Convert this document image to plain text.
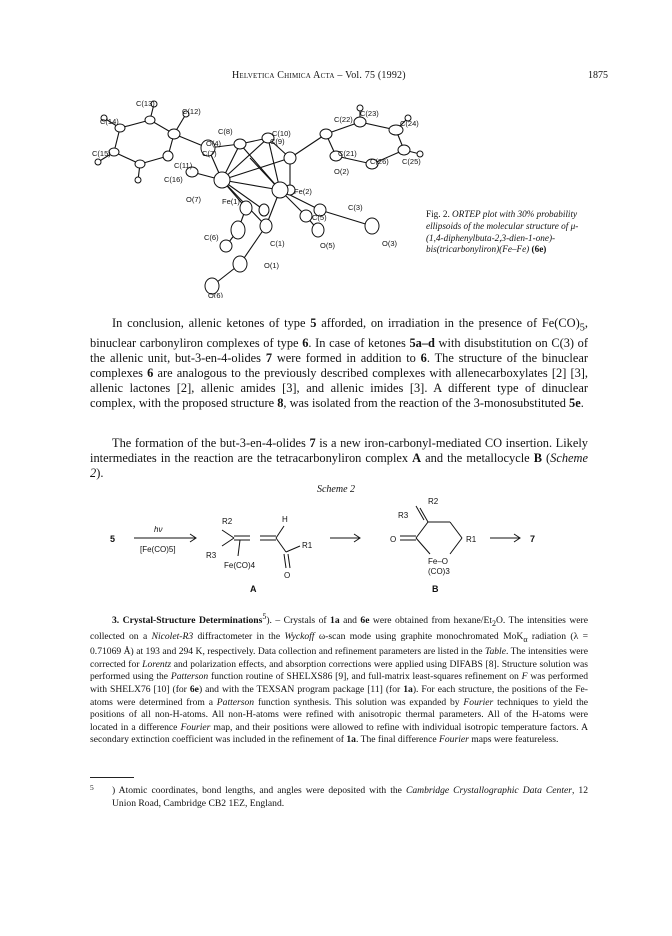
Helvetica Chimica Acta – Vol. 75 (1992)	1875
C(13)
C(12)
C(14)
C(8)
O(4)	C(9)
C(10)
C(22)
C(23)
C(24)
C(15)	C(7)
C(11)
C(21)
C(26) C(25)
O(2)
C(16)
O(7)	Fe(1)
Fe(2)
C(3)
C(5)
C(6)
C(1)	O(5)	O(3)
O(1)
O(6)
Fig. 2. ORTEP plot with 30% probability ellipsoids of the molecular structure of μ-(1,4-diphenylbuta-2,3-dien-1-one)-bis(tricarbonyliron)(Fe–Fe) (6e)
In conclusion, allenic ketones of type 5 afforded, on irradiation in the presence of $Fe(CO)_5$, binuclear carbonyliron complexes of type 6. In case of ketones 5a–d with disubstitution on C(3) of the allenic unit, but-3-en-4-olides 7 were formed in addition to 6. The structure of the binuclear complexes 6 are analogous to the previously described complexes with allenecarboxylates [2] [3], allenic lactones [2], allenic amides [3], and allenic imides [3]. A different type of dinuclear complex, with the proposed structure 8, was isolated from the reaction of the 3-monosubstituted 5e.
The formation of the but-3-en-4-olides 7 is a new iron-carbonyl-mediated CO insertion. Likely intermediates in the reaction are the tetracarbonyliron complex A and the metallocycle B (Scheme 2).
Scheme 2
5
hν
[Fe(CO)5]
R2
R3
H
R1
O
Fe(CO)4
A
R2
R3
O	R1
Fe–O
(CO)3
B
7
3. Crystal-Structure Determinations$^5$). – Crystals of 1a and 6e were obtained from hexane/$Et_2O$. The intensities were collected on a Nicolet-R3 diffractometer in the Wyckoff ω-scan mode using graphite monochromated MoK$_\alpha$ radiation (λ = 0.71069 Å) at 193 and 294 K, respectively. Data collection and refinement parameters are listed in the Table. The intensities were corrected for Lorentz and polarization effects, and absorption corrections were applied using DIFABS [8]. Structure solution was performed using the Patterson function routine of SHELXS86 [9], and full-matrix least-squares refinement on F was performed with SHELX76 [10] (for 6e) and with the TEXSAN program package [11] (for 1a). For each structure, the positions of the Fe-atoms were determined from a Patterson function synthesis. This solution was expanded by Fourier techniques to yield the positions of all non-H-atoms. All non-H-atoms were refined with anisotropic thermal parameters. All of the H-atoms were located in a difference Fourier map, and their positions were allowed to refine with individual isotropic temperature factors. A secondary extinction coefficient was included in the refinement of 1a. The final difference Fourier maps were featureless.
5	) Atomic coordinates, bond lengths, and angles were deposited with the Cambridge Crystallographic Data Center, 12 Union Road, Cambridge CB2 1EZ, England.
